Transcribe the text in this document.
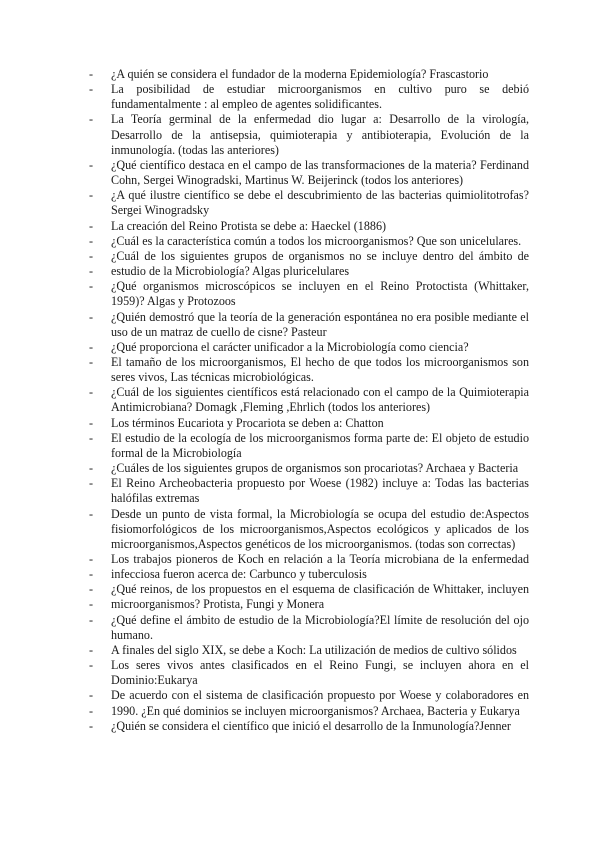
- ¿A quién se considera el fundador de la moderna Epidemiología? Frascastorio
- La posibilidad de estudiar microorganismos en cultivo puro se debió fundamentalmente : al empleo de agentes solidificantes.
- La Teoría germinal de la enfermedad dio lugar a: Desarrollo de la virología, Desarrollo de la antisepsia, quimioterapia y antibioterapia, Evolución de la inmunología. (todas las anteriores)
- ¿Qué científico destaca en el campo de las transformaciones de la materia? Ferdinand Cohn, Sergei Winogradski, Martinus W. Beijerinck (todos los anteriores)
- ¿A qué ilustre científico se debe el descubrimiento de las bacterias quimiolitotrofas? Sergei Winogradsky
- La creación del Reino Protista se debe a: Haeckel (1886)
- ¿Cuál es la característica común a todos los microorganismos? Que son unicelulares.
- ¿Cuál de los siguientes grupos de organismos no se incluye dentro del ámbito de
- estudio de la Microbiología? Algas pluricelulares
- ¿Qué organismos microscópicos se incluyen en el Reino Protoctista (Whittaker, 1959)? Algas y Protozoos
- ¿Quién demostró que la teoría de la generación espontánea no era posible mediante el uso de un matraz de cuello de cisne? Pasteur
- ¿Qué proporciona el carácter unificador a la Microbiología como ciencia?
- El tamaño de los microorganismos, El hecho de que todos los microorganismos son seres vivos, Las técnicas microbiológicas.
- ¿Cuál de los siguientes científicos está relacionado con el campo de la Quimioterapia Antimicrobiana? Domagk ,Fleming ,Ehrlich (todos los anteriores)
- Los términos Eucariota y Procariota se deben a: Chatton
- El estudio de la ecología de los microorganismos forma parte de: El objeto de estudio formal de la Microbiología
- ¿Cuáles de los siguientes grupos de organismos son procariotas? Archaea y Bacteria
- El Reino Archeobacteria propuesto por Woese (1982) incluye a: Todas las bacterias halófilas extremas
- Desde un punto de vista formal, la Microbiología se ocupa del estudio de:Aspectos fisiomorfológicos de los microorganismos,Aspectos ecológicos y aplicados de los microorganismos,Aspectos genéticos de los microorganismos. (todas son correctas)
- Los trabajos pioneros de Koch en relación a la Teoría microbiana de la enfermedad
- infecciosa fueron acerca de: Carbunco y tuberculosis
- ¿Qué reinos, de los propuestos en el esquema de clasificación de Whittaker, incluyen
- microorganismos? Protista, Fungi y Monera
- ¿Qué define el ámbito de estudio de la Microbiología?El límite de resolución del ojo humano.
- A finales del siglo XIX, se debe a Koch: La utilización de medios de cultivo sólidos
- Los seres vivos antes clasificados en el Reino Fungi, se incluyen ahora en el Dominio:Eukarya
- De acuerdo con el sistema de clasificación propuesto por Woese y colaboradores en
- 1990. ¿En qué dominios se incluyen microorganismos? Archaea, Bacteria y Eukarya
- ¿Quién se considera el científico que inició el desarrollo de la Inmunología?Jenner
